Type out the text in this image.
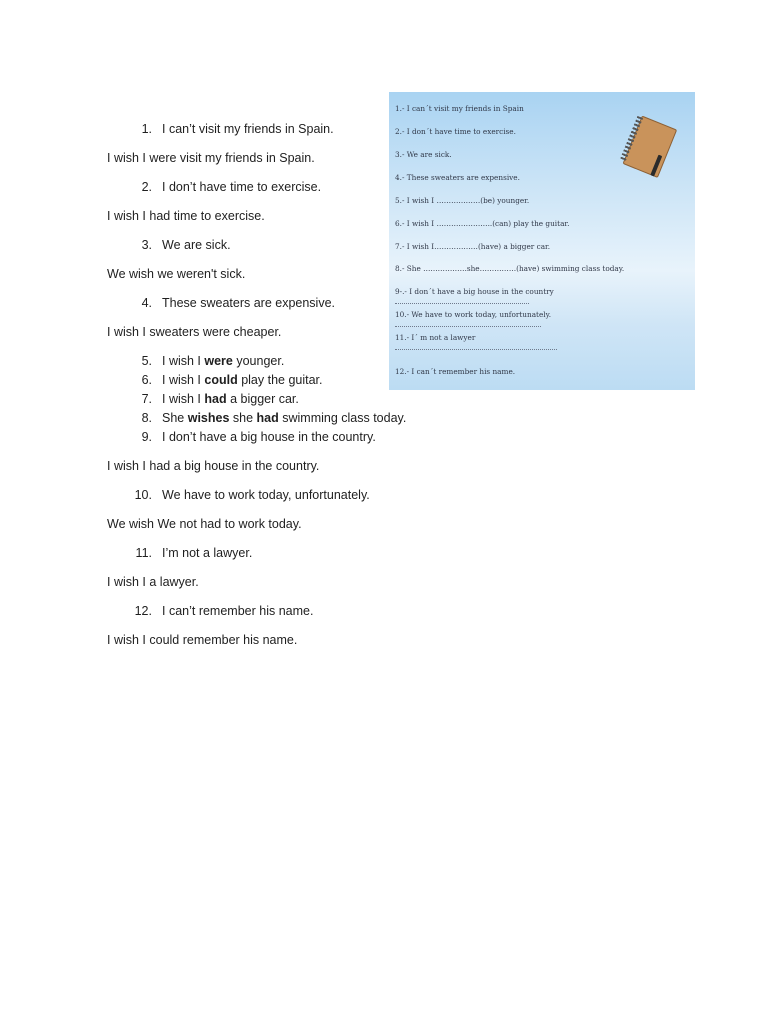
1. I can’t visit my friends in Spain.
I wish I were visit my friends in Spain.
2. I don’t have time to exercise.
I wish I had time to exercise.
3. We are sick.
We wish we weren't sick.
4. These sweaters are expensive.
I wish I sweaters were cheaper.
5. I wish I were younger.
6. I wish I could play the guitar.
7. I wish I had a bigger car.
8. She wishes she had swimming class today.
9. I don’t have a big house in the country.
I wish I had a big house in the country.
10. We have to work today, unfortunately.
We wish We not had to work today.
11. I’m not a lawyer.
I wish I a lawyer.
12. I can’t remember his name.
I wish I could remember his name.
1.- I can´t visit my friends in Spain
2.- I don´t have time to exercise.
3.- We are sick.
4.- These sweaters are expensive.
5.- I wish I ………………(be) younger.
6.- I wish I …………………..(can) play the guitar.
7.- I wish I………………(have) a bigger car.
8.- She ………………she……………(have) swimming class today.
9-.- I don´t have a big house in the country
10.- We have to work today, unfortunately.
11.- I´ m not a lawyer
12.- I can´t remember his name.
